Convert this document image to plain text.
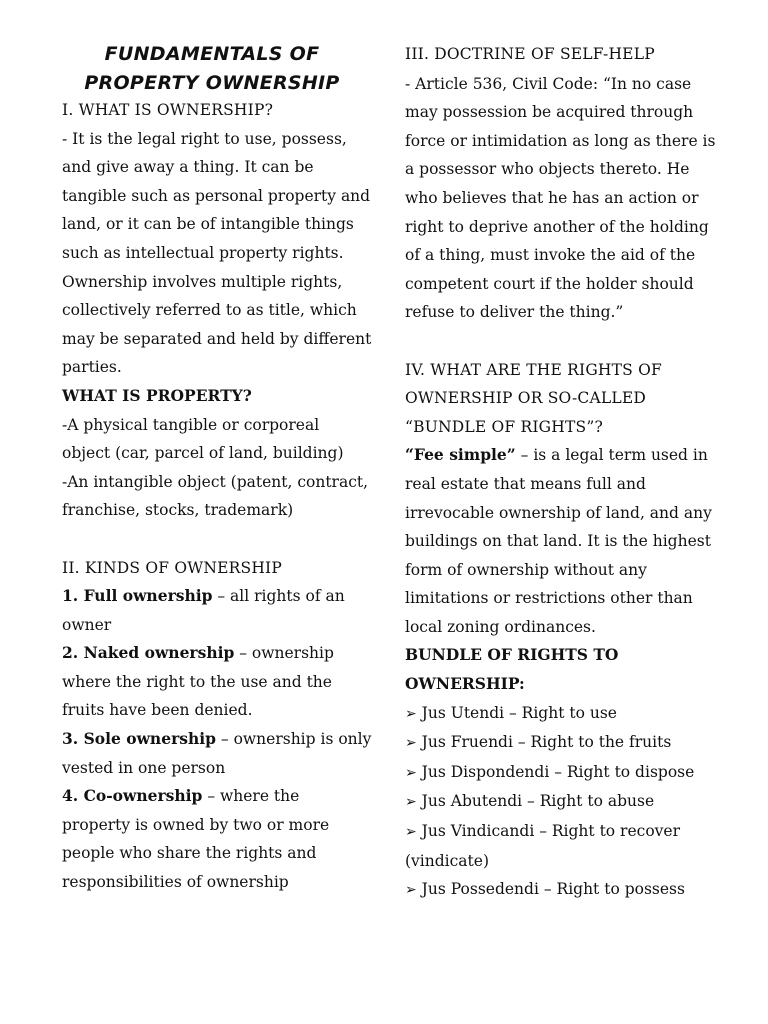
FUNDAMENTALS OF PROPERTY OWNERSHIP

I. WHAT IS OWNERSHIP?

- It is the legal right to use, possess, and give away a thing. It can be tangible such as personal property and land, or it can be of intangible things such as intellectual property rights. Ownership involves multiple rights, collectively referred to as title, which may be separated and held by different parties.

WHAT IS PROPERTY?

-A physical tangible or corporeal object (car, parcel of land, building)

-An intangible object (patent, contract, franchise, stocks, trademark)

II. KINDS OF OWNERSHIP

1. Full ownership – all rights of an owner

2. Naked ownership – ownership where the right to the use and the fruits have been denied.

3. Sole ownership – ownership is only vested in one person

4. Co-ownership – where the property is owned by two or more people who share the rights and responsibilities of ownership

III. DOCTRINE OF SELF-HELP

- Article 536, Civil Code: “In no case may possession be acquired through force or intimidation as long as there is a possessor who objects thereto. He who believes that he has an action or right to deprive another of the holding of a thing, must invoke the aid of the competent court if the holder should refuse to deliver the thing.”

IV. WHAT ARE THE RIGHTS OF OWNERSHIP OR SO-CALLED “BUNDLE OF RIGHTS”?

“Fee simple” – is a legal term used in real estate that means full and irrevocable ownership of land, and any buildings on that land. It is the highest form of ownership without any limitations or restrictions other than local zoning ordinances.

BUNDLE OF RIGHTS TO OWNERSHIP:

➢ Jus Utendi – Right to use

➢ Jus Fruendi – Right to the fruits

➢ Jus Dispondendi – Right to dispose

➢ Jus Abutendi – Right to abuse

➢ Jus Vindicandi – Right to recover (vindicate)

➢ Jus Possedendi – Right to possess
